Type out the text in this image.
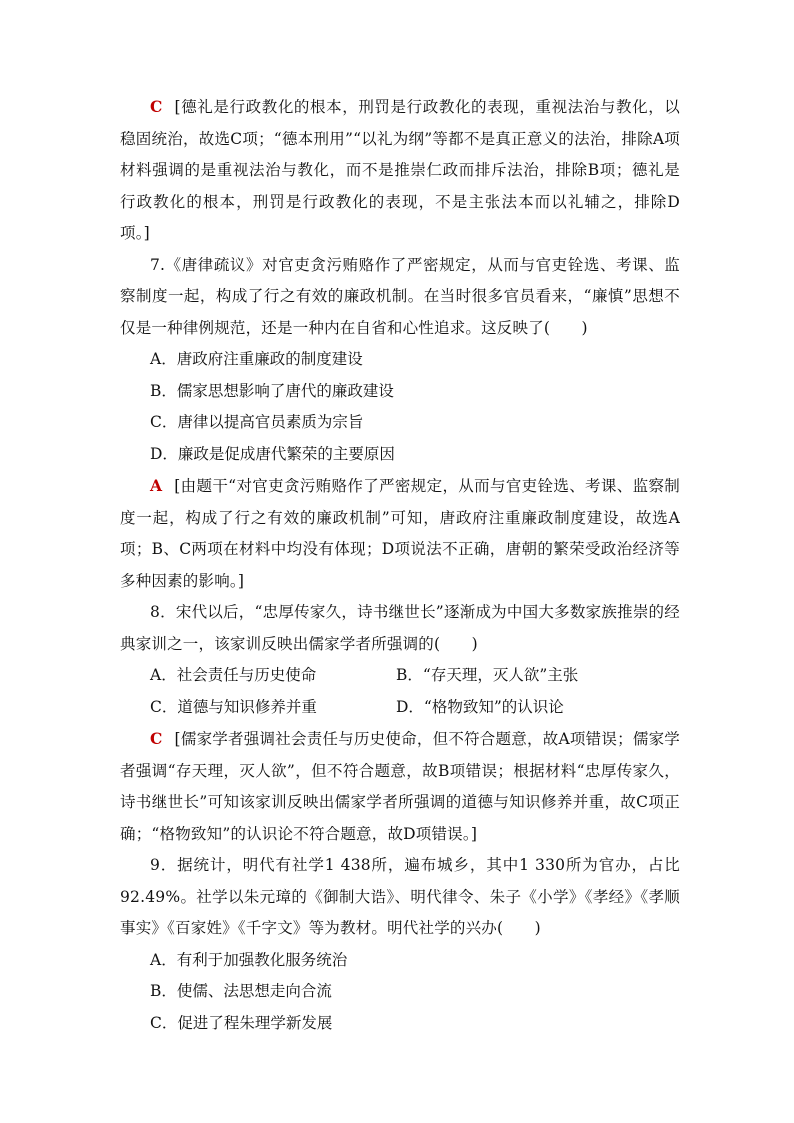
C [德礼是行政教化的根本，刑罚是行政教化的表现，重视法治与教化，以稳固统治，故选C项；“德本刑用”“以礼为纲”等都不是真正意义的法治，排除A项 材料强调的是重视法治与教化，而不是推崇仁政而排斥法治，排除B项；德礼是行政教化的根本，刑罚是行政教化的表现，不是主张法本而以礼辅之，排除D项。]

7.《唐律疏议》对官吏贪污贿赂作了严密规定，从而与官吏铨选、考课、监察制度一起，构成了行之有效的廉政机制。在当时很多官员看来，“廉慎”思想不仅是一种律例规范，还是一种内在自省和心性追求。这反映了(　　)

A．唐政府注重廉政的制度建设

B．儒家思想影响了唐代的廉政建设

C．唐律以提高官员素质为宗旨

D．廉政是促成唐代繁荣的主要原因

A [由题干“对官吏贪污贿赂作了严密规定，从而与官吏铨选、考课、监察制度一起，构成了行之有效的廉政机制”可知，唐政府注重廉政制度建设，故选A项；B、C两项在材料中均没有体现；D项说法不正确，唐朝的繁荣受政治经济等多种因素的影响。]

8．宋代以后，“忠厚传家久，诗书继世长”逐渐成为中国大多数家族推崇的经典家训之一，该家训反映出儒家学者所强调的(　　)

A．社会责任与历史使命	B．“存天理，灭人欲”主张
C．道德与知识修养并重	D．“格物致知”的认识论

C [儒家学者强调社会责任与历史使命，但不符合题意，故A项错误；儒家学者强调“存天理，灭人欲”，但不符合题意，故B项错误；根据材料“忠厚传家久，诗书继世长”可知该家训反映出儒家学者所强调的道德与知识修养并重，故C项正确；“格物致知”的认识论不符合题意，故D项错误。]

9．据统计，明代有社学1 438所，遍布城乡，其中1 330所为官办，占比92.49%。社学以朱元璋的《御制大诰》、明代律令、朱子《小学》《孝经》《孝顺事实》《百家姓》《千字文》等为教材。明代社学的兴办(　　)

A．有利于加强教化服务统治

B．使儒、法思想走向合流

C．促进了程朱理学新发展
